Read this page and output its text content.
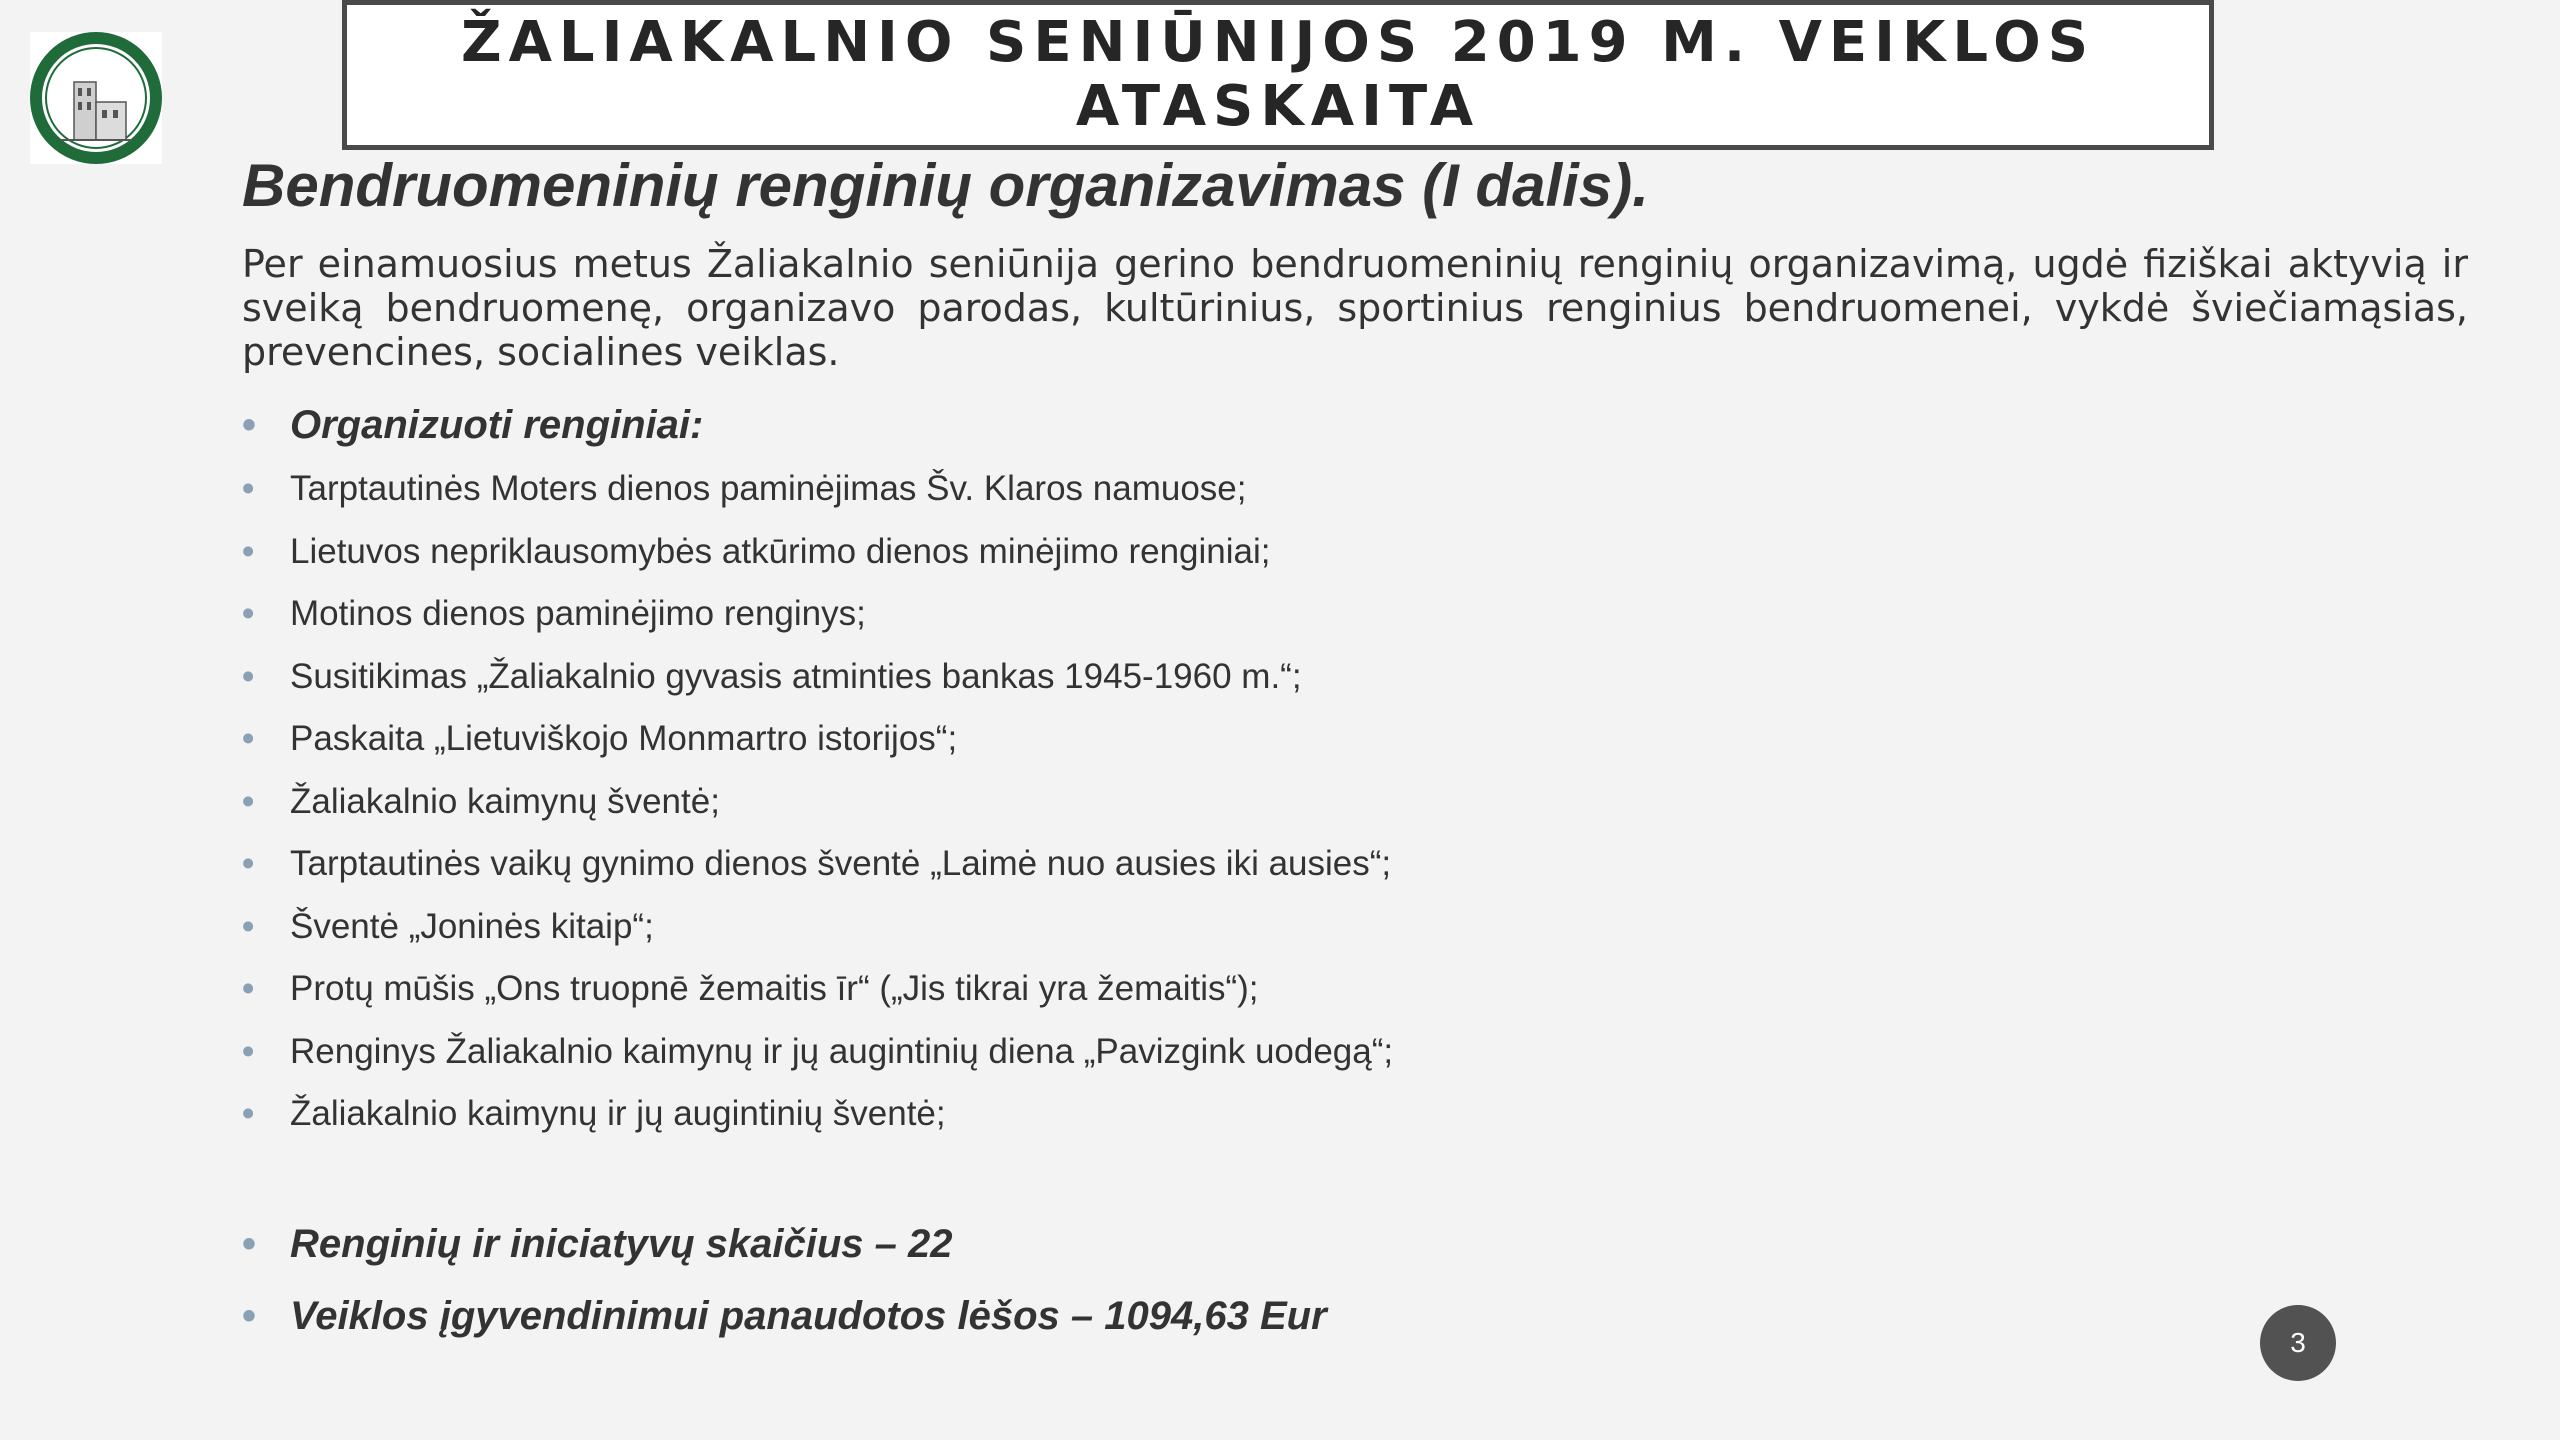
ŽALIAKALNIO SENIŪNIJOS 2019 M. VEIKLOS
ATASKAITA
Bendruomeninių renginių organizavimas (I dalis).
Per einamuosius metus Žaliakalnio seniūnija gerino bendruomeninių renginių organizavimą, ugdė fiziškai aktyvią ir sveiką bendruomenę, organizavo parodas, kultūrinius, sportinius renginius bendruomenei, vykdė šviečiamąsias, prevencines, socialines veiklas.
• Organizuoti renginiai:
• Tarptautinės Moters dienos paminėjimas Šv. Klaros namuose;
• Lietuvos nepriklausomybės atkūrimo dienos minėjimo renginiai;
• Motinos dienos paminėjimo renginys;
• Susitikimas „Žaliakalnio gyvasis atminties bankas 1945-1960 m.“;
• Paskaita „Lietuviškojo Monmartro istorijos“;
• Žaliakalnio kaimynų šventė;
• Tarptautinės vaikų gynimo dienos šventė „Laimė nuo ausies iki ausies“;
• Šventė „Joninės kitaip“;
• Protų mūšis „Ons truopnē žemaitis īr“ („Jis tikrai yra žemaitis“);
• Renginys Žaliakalnio kaimynų ir jų augintinių diena „Pavizgink uodegą“;
• Žaliakalnio kaimynų ir jų augintinių šventė;
• Renginių ir iniciatyvų skaičius – 22
• Veiklos įgyvendinimui panaudotos lėšos – 1094,63 Eur
3
